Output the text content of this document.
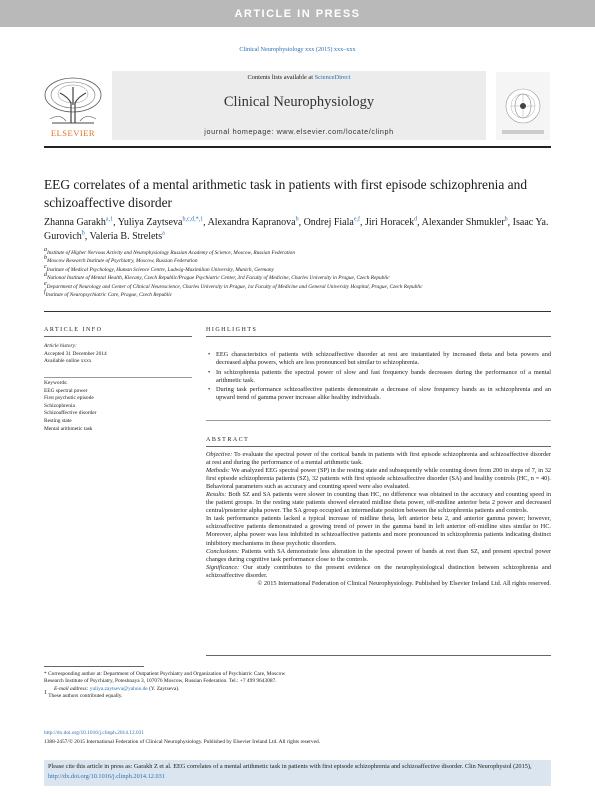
ARTICLE IN PRESS
Clinical Neurophysiology xxx (2015) xxx–xxx
Contents lists available at ScienceDirect
Clinical Neurophysiology
journal homepage: www.elsevier.com/locate/clinph
ELSEVIER
EEG correlates of a mental arithmetic task in patients with first episode schizophrenia and schizoaffective disorder
Zhanna Garakh$^{a,1}$, Yuliya Zaytseva$^{b,c,d,*,1}$, Alexandra Kapranova$^b$, Ondrej Fiala$^{e,f}$, Jiri Horacek$^d$, Alexander Shmukler$^b$, Isaac Ya. Gurovich$^b$, Valeria B. Strelets$^a$
$^a$Institute of Higher Nervous Activity and Neurophysiology Russian Academy of Science, Moscow, Russian Federation
$^b$Moscow Research Institute of Psychiatry, Moscow, Russian Federation
$^c$Institute of Medical Psychology, Human Science Centre, Ludwig-Maximilian University, Munich, Germany
$^d$National Institute of Mental Health, Klecany, Czech Republic/Prague Psychiatric Center, 3rd Faculty of Medicine, Charles University in Prague, Czech Republic
$^e$Department of Neurology and Center of Clinical Neuroscience, Charles University in Prague, 1st Faculty of Medicine and General University Hospital, Prague, Czech Republic
$^f$Institute of Neuropsychiatric Care, Prague, Czech Republic
ARTICLE INFO
Article history:
Accepted 31 December 2014
Available online xxxx
Keywords:
EEG spectral power
First psychotic episode
Schizophrenia
Schizoaffective disorder
Resting state
Mental arithmetic task
HIGHLIGHTS
• EEG characteristics of patients with schizoaffective disorder at rest are instantiated by increased theta and beta powers and decreased alpha powers, which are less pronounced but similar to schizophrenia.
• In schizophrenia patients the spectral power of slow and fast frequency bands decreases during the performance of a mental arithmetic task.
• During task performance schizoaffective patients demonstrate a decrease of slow frequency bands as in schizophrenia and an upward trend of gamma power increase alike healthy individuals.
ABSTRACT
Objective: To evaluate the spectral power of the cortical bands in patients with first episode schizophrenia and schizoaffective disorder at rest and during the performance of a mental arithmetic task.
Methods: We analyzed EEG spectral power (SP) in the resting state and subsequently while counting down from 200 in steps of 7, in 32 first episode schizophrenia patients (SZ), 32 patients with first episode schizoaffective disorder (SA) and healthy controls (HC, n = 40). Behavioral parameters such as accuracy and counting speed were also evaluated.
Results: Both SZ and SA patients were slower in counting than HC, no difference was obtained in the accuracy and counting speed in the patient groups. In the resting state patients showed elevated midline theta power, off-midline anterior beta 2 power and decreased central/posterior alpha power. The SA group occupied an intermediate position between the schizophrenia patients and controls.
In task performance patients lacked a typical increase of midline theta, left anterior beta 2, and anterior gamma power; however, schizoaffective patients demonstrated a growing trend of power in the gamma band in left anterior off-midline sites similar to HC. Moreover, alpha power was less inhibited in schizoaffective patients and more pronounced in schizophrenia patients indicating distinct inhibitory mechanisms in these psychotic disorders.
Conclusions: Patients with SA demonstrate less alteration in the spectral power of bands at rest than SZ, and present spectral power changes during cognitive task performance close to the controls.
Significance: Our study contributes to the present evidence on the neurophysiological distinction between schizophrenia and schizoaffective disorder.
© 2015 International Federation of Clinical Neurophysiology. Published by Elsevier Ireland Ltd. All rights reserved.
* Corresponding author at: Department of Outpatient Psychiatry and Organization of Psychiatric Care, Moscow Research Institute of Psychiatry, Poteshnaya 3, 107076 Moscow, Russian Federation. Tel.: +7 499 9643087.
E-mail address: yuliya.zaytseva@yahoo.de (Y. Zaytseva).
$^1$ These authors contributed equally.
http://dx.doi.org/10.1016/j.clinph.2014.12.031
1388-2457/© 2015 International Federation of Clinical Neurophysiology. Published by Elsevier Ireland Ltd. All rights reserved.
Please cite this article in press as: Garakh Z et al. EEG correlates of a mental arithmetic task in patients with first episode schizophrenia and schizoaffective disorder. Clin Neurophysiol (2015), http://dx.doi.org/10.1016/j.clinph.2014.12.031
